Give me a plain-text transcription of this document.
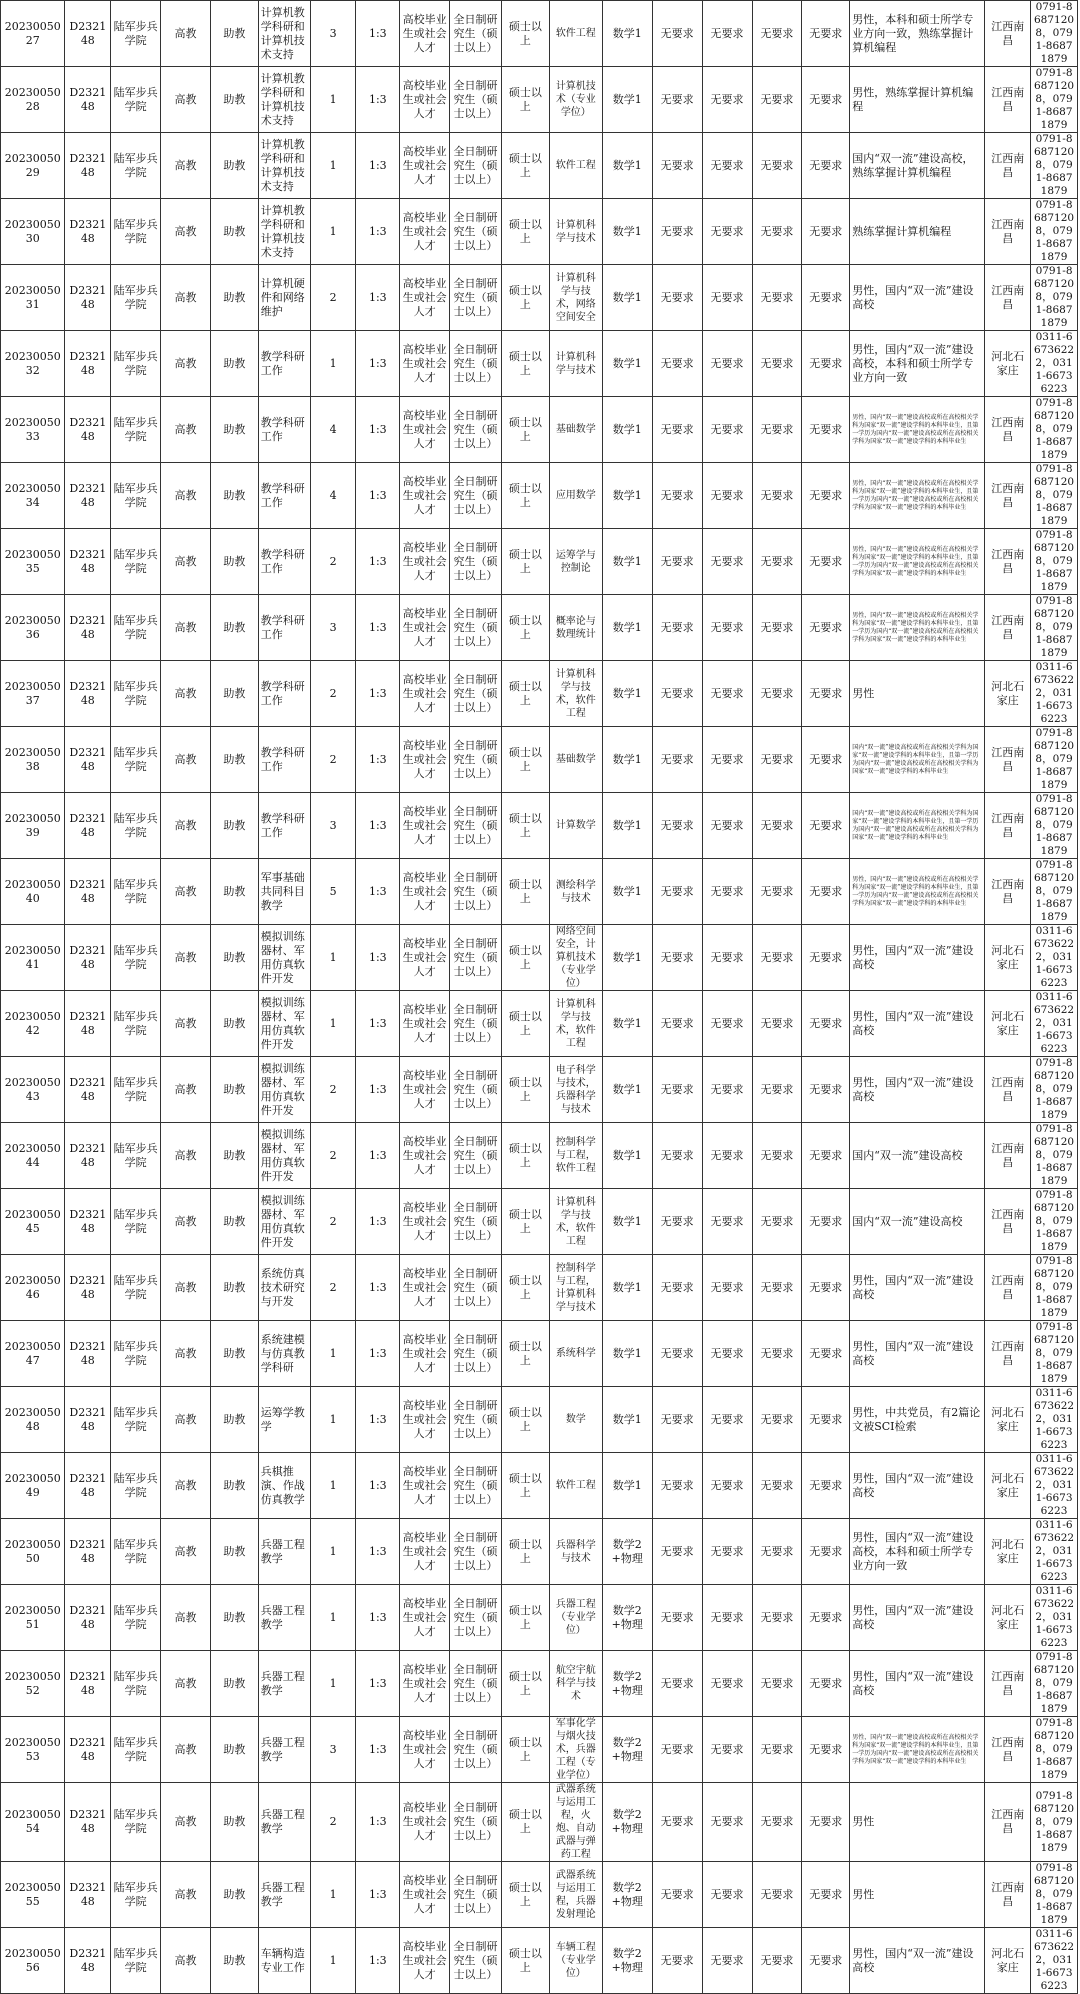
2023005027	D232148	陆军步兵学院	高教	助教	计算机教学科研和计算机技术支持	3	1:3	高校毕业生或社会人才	全日制研究生（硕士以上）	硕士以上	软件工程	数学1	无要求	无要求	无要求	无要求	男性，本科和硕士所学专业方向一致，熟练掌握计算机编程	江西南昌	0791-86871208，0791-86871879
2023005028	D232148	陆军步兵学院	高教	助教	计算机教学科研和计算机技术支持	1	1:3	高校毕业生或社会人才	全日制研究生（硕士以上）	硕士以上	计算机技术（专业学位）	数学1	无要求	无要求	无要求	无要求	男性，熟练掌握计算机编程	江西南昌	0791-86871208，0791-86871879
2023005029	D232148	陆军步兵学院	高教	助教	计算机教学科研和计算机技术支持	1	1:3	高校毕业生或社会人才	全日制研究生（硕士以上）	硕士以上	软件工程	数学1	无要求	无要求	无要求	无要求	国内“双一流”建设高校，熟练掌握计算机编程	江西南昌	0791-86871208，0791-86871879
2023005030	D232148	陆军步兵学院	高教	助教	计算机教学科研和计算机技术支持	1	1:3	高校毕业生或社会人才	全日制研究生（硕士以上）	硕士以上	计算机科学与技术	数学1	无要求	无要求	无要求	无要求	熟练掌握计算机编程	江西南昌	0791-86871208，0791-86871879
2023005031	D232148	陆军步兵学院	高教	助教	计算机硬件和网络维护	2	1:3	高校毕业生或社会人才	全日制研究生（硕士以上）	硕士以上	计算机科学与技术，网络空间安全	数学1	无要求	无要求	无要求	无要求	男性，国内“双一流”建设高校	江西南昌	0791-86871208，0791-86871879
2023005032	D232148	陆军步兵学院	高教	助教	教学科研工作	1	1:3	高校毕业生或社会人才	全日制研究生（硕士以上）	硕士以上	计算机科学与技术	数学1	无要求	无要求	无要求	无要求	男性，国内“双一流”建设高校，本科和硕士所学专业方向一致	河北石家庄	0311-66736222，0311-66736223
2023005033	D232148	陆军步兵学院	高教	助教	教学科研工作	4	1:3	高校毕业生或社会人才	全日制研究生（硕士以上）	硕士以上	基础数学	数学1	无要求	无要求	无要求	无要求	男性，国内“双一流”建设高校或所在高校相关学科为国家“双一流”建设学科的本科毕业生，且第一学历为国内“双一流”建设高校或所在高校相关学科为国家“双一流”建设学科的本科毕业生	江西南昌	0791-86871208，0791-86871879
2023005034	D232148	陆军步兵学院	高教	助教	教学科研工作	4	1:3	高校毕业生或社会人才	全日制研究生（硕士以上）	硕士以上	应用数学	数学1	无要求	无要求	无要求	无要求	男性，国内“双一流”建设高校或所在高校相关学科为国家“双一流”建设学科的本科毕业生，且第一学历为国内“双一流”建设高校或所在高校相关学科为国家“双一流”建设学科的本科毕业生	江西南昌	0791-86871208，0791-86871879
2023005035	D232148	陆军步兵学院	高教	助教	教学科研工作	2	1:3	高校毕业生或社会人才	全日制研究生（硕士以上）	硕士以上	运筹学与控制论	数学1	无要求	无要求	无要求	无要求	男性，国内“双一流”建设高校或所在高校相关学科为国家“双一流”建设学科的本科毕业生，且第一学历为国内“双一流”建设高校或所在高校相关学科为国家“双一流”建设学科的本科毕业生	江西南昌	0791-86871208，0791-86871879
2023005036	D232148	陆军步兵学院	高教	助教	教学科研工作	3	1:3	高校毕业生或社会人才	全日制研究生（硕士以上）	硕士以上	概率论与数理统计	数学1	无要求	无要求	无要求	无要求	男性，国内“双一流”建设高校或所在高校相关学科为国家“双一流”建设学科的本科毕业生，且第一学历为国内“双一流”建设高校或所在高校相关学科为国家“双一流”建设学科的本科毕业生	江西南昌	0791-86871208，0791-86871879
2023005037	D232148	陆军步兵学院	高教	助教	教学科研工作	2	1:3	高校毕业生或社会人才	全日制研究生（硕士以上）	硕士以上	计算机科学与技术，软件工程	数学1	无要求	无要求	无要求	无要求	男性	河北石家庄	0311-66736222，0311-66736223
2023005038	D232148	陆军步兵学院	高教	助教	教学科研工作	2	1:3	高校毕业生或社会人才	全日制研究生（硕士以上）	硕士以上	基础数学	数学1	无要求	无要求	无要求	无要求	国内“双一流”建设高校或所在高校相关学科为国家“双一流”建设学科的本科毕业生，且第一学历为国内“双一流”建设高校或所在高校相关学科为国家“双一流”建设学科的本科毕业生	江西南昌	0791-86871208，0791-86871879
2023005039	D232148	陆军步兵学院	高教	助教	教学科研工作	3	1:3	高校毕业生或社会人才	全日制研究生（硕士以上）	硕士以上	计算数学	数学1	无要求	无要求	无要求	无要求	国内“双一流”建设高校或所在高校相关学科为国家“双一流”建设学科的本科毕业生，且第一学历为国内“双一流”建设高校或所在高校相关学科为国家“双一流”建设学科的本科毕业生	江西南昌	0791-86871208，0791-86871879
2023005040	D232148	陆军步兵学院	高教	助教	军事基础共同科目教学	5	1:3	高校毕业生或社会人才	全日制研究生（硕士以上）	硕士以上	测绘科学与技术	数学1	无要求	无要求	无要求	无要求	男性，国内“双一流”建设高校或所在高校相关学科为国家“双一流”建设学科的本科毕业生，且第一学历为国内“双一流”建设高校或所在高校相关学科为国家“双一流”建设学科的本科毕业生	江西南昌	0791-86871208，0791-86871879
2023005041	D232148	陆军步兵学院	高教	助教	模拟训练器材、军用仿真软件开发	1	1:3	高校毕业生或社会人才	全日制研究生（硕士以上）	硕士以上	网络空间安全，计算机技术（专业学位）	数学1	无要求	无要求	无要求	无要求	男性，国内“双一流”建设高校	河北石家庄	0311-66736222，0311-66736223
2023005042	D232148	陆军步兵学院	高教	助教	模拟训练器材、军用仿真软件开发	1	1:3	高校毕业生或社会人才	全日制研究生（硕士以上）	硕士以上	计算机科学与技术，软件工程	数学1	无要求	无要求	无要求	无要求	男性，国内“双一流”建设高校	河北石家庄	0311-66736222，0311-66736223
2023005043	D232148	陆军步兵学院	高教	助教	模拟训练器材、军用仿真软件开发	2	1:3	高校毕业生或社会人才	全日制研究生（硕士以上）	硕士以上	电子科学与技术，兵器科学与技术	数学1	无要求	无要求	无要求	无要求	男性，国内“双一流”建设高校	江西南昌	0791-86871208，0791-86871879
2023005044	D232148	陆军步兵学院	高教	助教	模拟训练器材、军用仿真软件开发	2	1:3	高校毕业生或社会人才	全日制研究生（硕士以上）	硕士以上	控制科学与工程，软件工程	数学1	无要求	无要求	无要求	无要求	国内“双一流”建设高校	江西南昌	0791-86871208，0791-86871879
2023005045	D232148	陆军步兵学院	高教	助教	模拟训练器材、军用仿真软件开发	2	1:3	高校毕业生或社会人才	全日制研究生（硕士以上）	硕士以上	计算机科学与技术，软件工程	数学1	无要求	无要求	无要求	无要求	国内“双一流”建设高校	江西南昌	0791-86871208，0791-86871879
2023005046	D232148	陆军步兵学院	高教	助教	系统仿真技术研究与开发	2	1:3	高校毕业生或社会人才	全日制研究生（硕士以上）	硕士以上	控制科学与工程，计算机科学与技术	数学1	无要求	无要求	无要求	无要求	男性，国内“双一流”建设高校	江西南昌	0791-86871208，0791-86871879
2023005047	D232148	陆军步兵学院	高教	助教	系统建模与仿真教学科研	1	1:3	高校毕业生或社会人才	全日制研究生（硕士以上）	硕士以上	系统科学	数学1	无要求	无要求	无要求	无要求	男性，国内“双一流”建设高校	江西南昌	0791-86871208，0791-86871879
2023005048	D232148	陆军步兵学院	高教	助教	运筹学教学	1	1:3	高校毕业生或社会人才	全日制研究生（硕士以上）	硕士以上	数学	数学1	无要求	无要求	无要求	无要求	男性，中共党员，有2篇论文被SCI检索	河北石家庄	0311-66736222，0311-66736223
2023005049	D232148	陆军步兵学院	高教	助教	兵棋推演、作战仿真教学	1	1:3	高校毕业生或社会人才	全日制研究生（硕士以上）	硕士以上	软件工程	数学1	无要求	无要求	无要求	无要求	男性，国内“双一流”建设高校	河北石家庄	0311-66736222，0311-66736223
2023005050	D232148	陆军步兵学院	高教	助教	兵器工程教学	1	1:3	高校毕业生或社会人才	全日制研究生（硕士以上）	硕士以上	兵器科学与技术	数学2+物理	无要求	无要求	无要求	无要求	男性，国内“双一流”建设高校，本科和硕士所学专业方向一致	河北石家庄	0311-66736222，0311-66736223
2023005051	D232148	陆军步兵学院	高教	助教	兵器工程教学	1	1:3	高校毕业生或社会人才	全日制研究生（硕士以上）	硕士以上	兵器工程（专业学位）	数学2+物理	无要求	无要求	无要求	无要求	男性，国内“双一流”建设高校	河北石家庄	0311-66736222，0311-66736223
2023005052	D232148	陆军步兵学院	高教	助教	兵器工程教学	1	1:3	高校毕业生或社会人才	全日制研究生（硕士以上）	硕士以上	航空宇航科学与技术	数学2+物理	无要求	无要求	无要求	无要求	男性，国内“双一流”建设高校	江西南昌	0791-86871208，0791-86871879
2023005053	D232148	陆军步兵学院	高教	助教	兵器工程教学	3	1:3	高校毕业生或社会人才	全日制研究生（硕士以上）	硕士以上	军事化学与烟火技术，兵器工程（专业学位）	数学2+物理	无要求	无要求	无要求	无要求	男性，国内“双一流”建设高校或所在高校相关学科为国家“双一流”建设学科的本科毕业生，且第一学历为国内“双一流”建设高校或所在高校相关学科为国家“双一流”建设学科的本科毕业生	江西南昌	0791-86871208，0791-86871879
2023005054	D232148	陆军步兵学院	高教	助教	兵器工程教学	2	1:3	高校毕业生或社会人才	全日制研究生（硕士以上）	硕士以上	武器系统与运用工程，火炮、自动武器与弹药工程	数学2+物理	无要求	无要求	无要求	无要求	男性	江西南昌	0791-86871208，0791-86871879
2023005055	D232148	陆军步兵学院	高教	助教	兵器工程教学	1	1:3	高校毕业生或社会人才	全日制研究生（硕士以上）	硕士以上	武器系统与运用工程，兵器发射理论	数学2+物理	无要求	无要求	无要求	无要求	男性	江西南昌	0791-86871208，0791-86871879
2023005056	D232148	陆军步兵学院	高教	助教	车辆构造专业工作	1	1:3	高校毕业生或社会人才	全日制研究生（硕士以上）	硕士以上	车辆工程（专业学位）	数学2+物理	无要求	无要求	无要求	无要求	男性，国内“双一流”建设高校	河北石家庄	0311-66736222，0311-66736223
